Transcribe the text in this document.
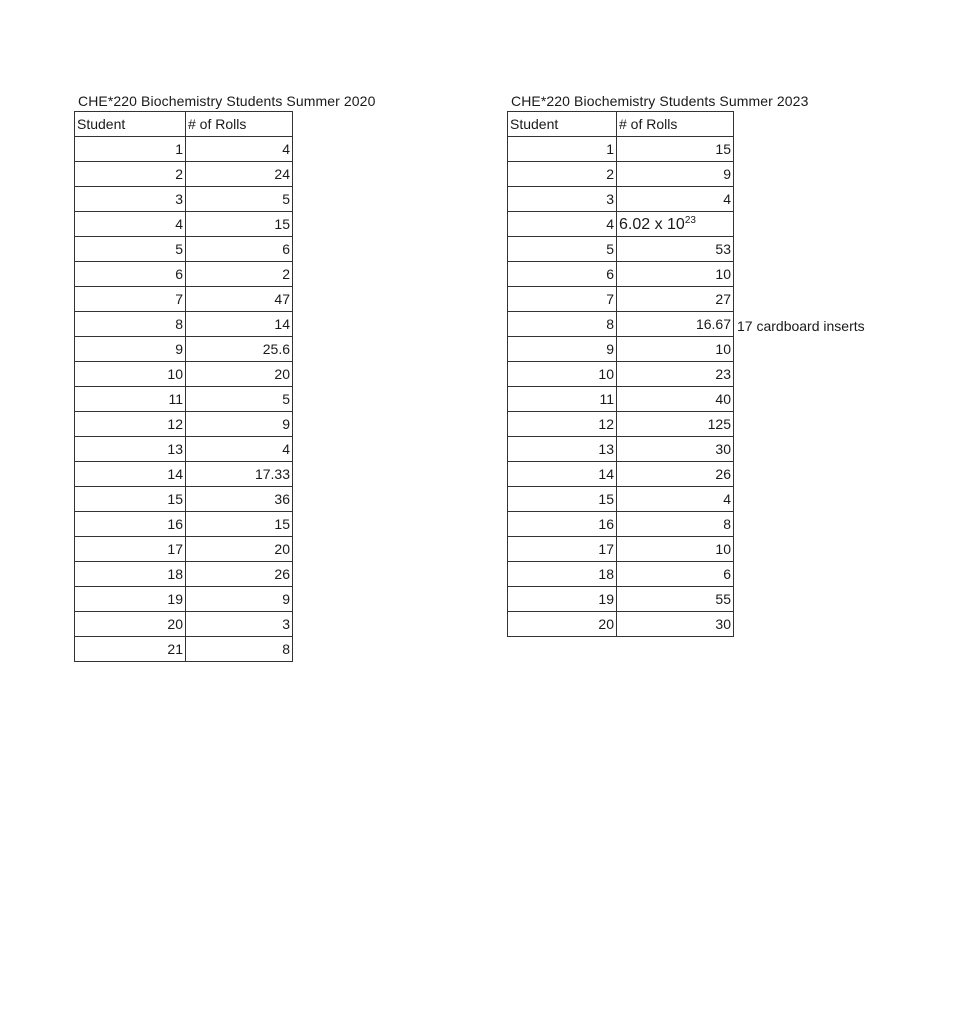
CHE*220 Biochemistry Students Summer 2020
Student	# of Rolls
1	4
2	24
3	5
4	15
5	6
6	2
7	47
8	14
9	25.6
10	20
11	5
12	9
13	4
14	17.33
15	36
16	15
17	20
18	26
19	9
20	3
21	8
CHE*220 Biochemistry Students Summer 2023
Student	# of Rolls
1	15
2	9
3	4
4	6.02 x $10^{23}$
5	53
6	10
7	27
8	16.67
9	10
10	23
11	40
12	125
13	30
14	26
15	4
16	8
17	10
18	6
19	55
20	30
17 cardboard inserts
